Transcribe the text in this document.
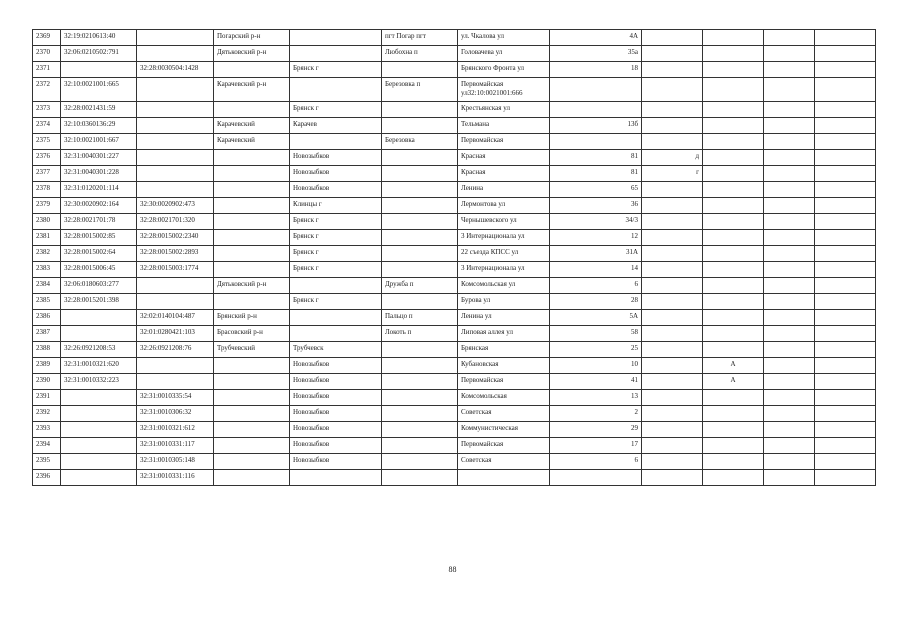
2369	32:19:0210613:40		Погарский р-н		пгт Погар пгт	ул. Чкалова ул	4А				
2370	32:06:0210502:791		Дятьковский р-н		Любохна п	Головачева ул	35а				
2371		32:28:0030504:1428		Брянск г		Брянского Фронта ул	18				
2372	32:10:0021001:665		Карачевский р-н		Березовка п	Первомайская ул32:10:0021001:666					
2373	32:28:0021431:59			Брянск г		Крестьянская ул					
2374	32:10:0360136:29		Карачевский	Карачев		Тельмана	13б				
2375	32:10:0021001:667		Карачевский		Березовка	Первомайская					
2376	32:31:0040301:227			Новозыбков		Красная	81	д			
2377	32:31:0040301:228			Новозыбков		Красная	81	г			
2378	32:31:0120201:114			Новозыбков		Ленина	65				
2379	32:30:0020902:164	32:30:0020902:473		Клинцы г		Лермонтова ул	36				
2380	32:28:0021701:78	32:28:0021701:320		Брянск г		Чернышевского ул	34/3				
2381	32:28:0015002:85	32:28:0015002:2340		Брянск г		3 Интернационала ул	12				
2382	32:28:0015002:64	32:28:0015002:2893		Брянск г		22 съезда КПСС ул	31А				
2383	32:28:0015006:45	32:28:0015003:1774		Брянск г		3 Интернационала ул	14				
2384	32:06:0180603:277		Дятьковский р-н		Дружба п	Комсомольская ул	6				
2385	32:28:0015201:398			Брянск г		Бурова ул	28				
2386		32:02:0140104:487	Брянский р-н		Пальцо п	Ленина ул	5А				
2387		32:01:0280421:103	Брасовский р-н		Локоть п	Липовая аллея ул	58				
2388	32:26:0921208:53	32:26:0921208:76	Трубчевский	Трубчевск		Брянская	25				
2389	32:31:0010321:620			Новозыбков		Кубановская	10		А		
2390	32:31:0010332:223			Новозыбков		Первомайская	41		А		
2391		32:31:0010335:54		Новозыбков		Комсомольская	13				
2392		32:31:0010306:32		Новозыбков		Советская	2				
2393		32:31:0010321:612		Новозыбков		Коммунистическая	29				
2394		32:31:0010331:117		Новозыбков		Первомайская	17				
2395		32:31:0010305:148		Новозыбков		Советская	6				
2396		32:31:0010331:116									
88
